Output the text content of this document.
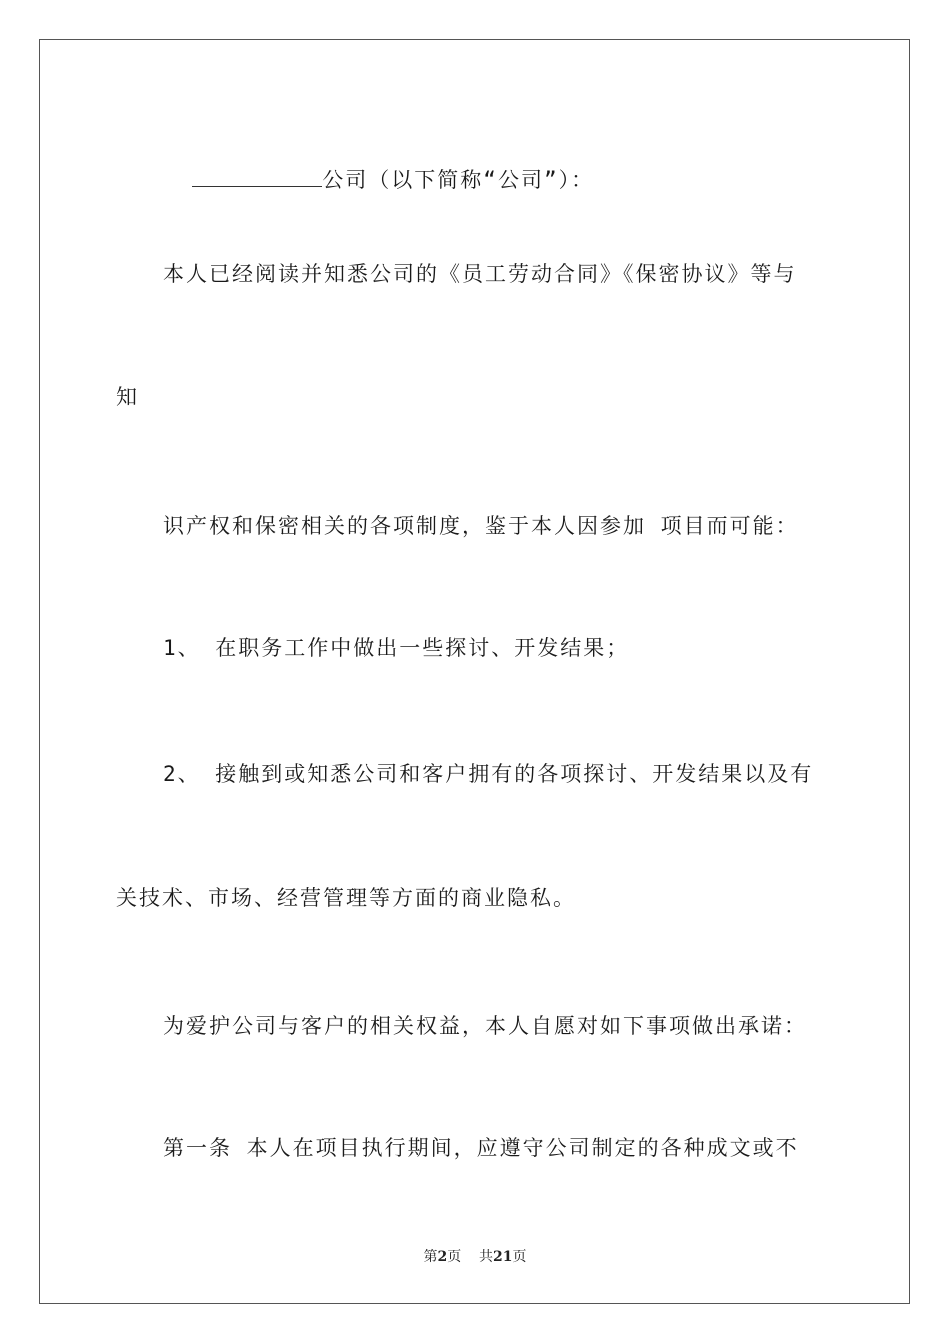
公司（以下简称“公司”）：

本人已经阅读并知悉公司的《员工劳动合同》《保密协议》等与
知
识产权和保密相关的各项制度，鉴于本人因参加 项目而可能：
1、 在职务工作中做出一些探讨、开发结果；
2、 接触到或知悉公司和客户拥有的各项探讨、开发结果以及有
关技术、市场、经营管理等方面的商业隐私。
为爱护公司与客户的相关权益，本人自愿对如下事项做出承诺：
第一条 本人在项目执行期间，应遵守公司制定的各种成文或不
第2页 共21页
